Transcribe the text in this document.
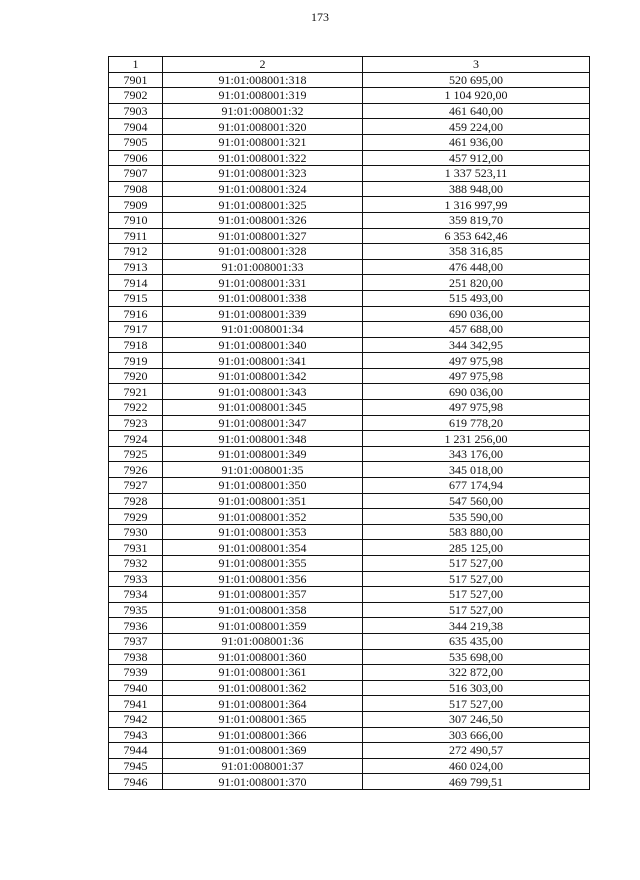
173
1	2	3
7901	91:01:008001:318	520 695,00
7902	91:01:008001:319	1 104 920,00
7903	91:01:008001:32	461 640,00
7904	91:01:008001:320	459 224,00
7905	91:01:008001:321	461 936,00
7906	91:01:008001:322	457 912,00
7907	91:01:008001:323	1 337 523,11
7908	91:01:008001:324	388 948,00
7909	91:01:008001:325	1 316 997,99
7910	91:01:008001:326	359 819,70
7911	91:01:008001:327	6 353 642,46
7912	91:01:008001:328	358 316,85
7913	91:01:008001:33	476 448,00
7914	91:01:008001:331	251 820,00
7915	91:01:008001:338	515 493,00
7916	91:01:008001:339	690 036,00
7917	91:01:008001:34	457 688,00
7918	91:01:008001:340	344 342,95
7919	91:01:008001:341	497 975,98
7920	91:01:008001:342	497 975,98
7921	91:01:008001:343	690 036,00
7922	91:01:008001:345	497 975,98
7923	91:01:008001:347	619 778,20
7924	91:01:008001:348	1 231 256,00
7925	91:01:008001:349	343 176,00
7926	91:01:008001:35	345 018,00
7927	91:01:008001:350	677 174,94
7928	91:01:008001:351	547 560,00
7929	91:01:008001:352	535 590,00
7930	91:01:008001:353	583 880,00
7931	91:01:008001:354	285 125,00
7932	91:01:008001:355	517 527,00
7933	91:01:008001:356	517 527,00
7934	91:01:008001:357	517 527,00
7935	91:01:008001:358	517 527,00
7936	91:01:008001:359	344 219,38
7937	91:01:008001:36	635 435,00
7938	91:01:008001:360	535 698,00
7939	91:01:008001:361	322 872,00
7940	91:01:008001:362	516 303,00
7941	91:01:008001:364	517 527,00
7942	91:01:008001:365	307 246,50
7943	91:01:008001:366	303 666,00
7944	91:01:008001:369	272 490,57
7945	91:01:008001:37	460 024,00
7946	91:01:008001:370	469 799,51
